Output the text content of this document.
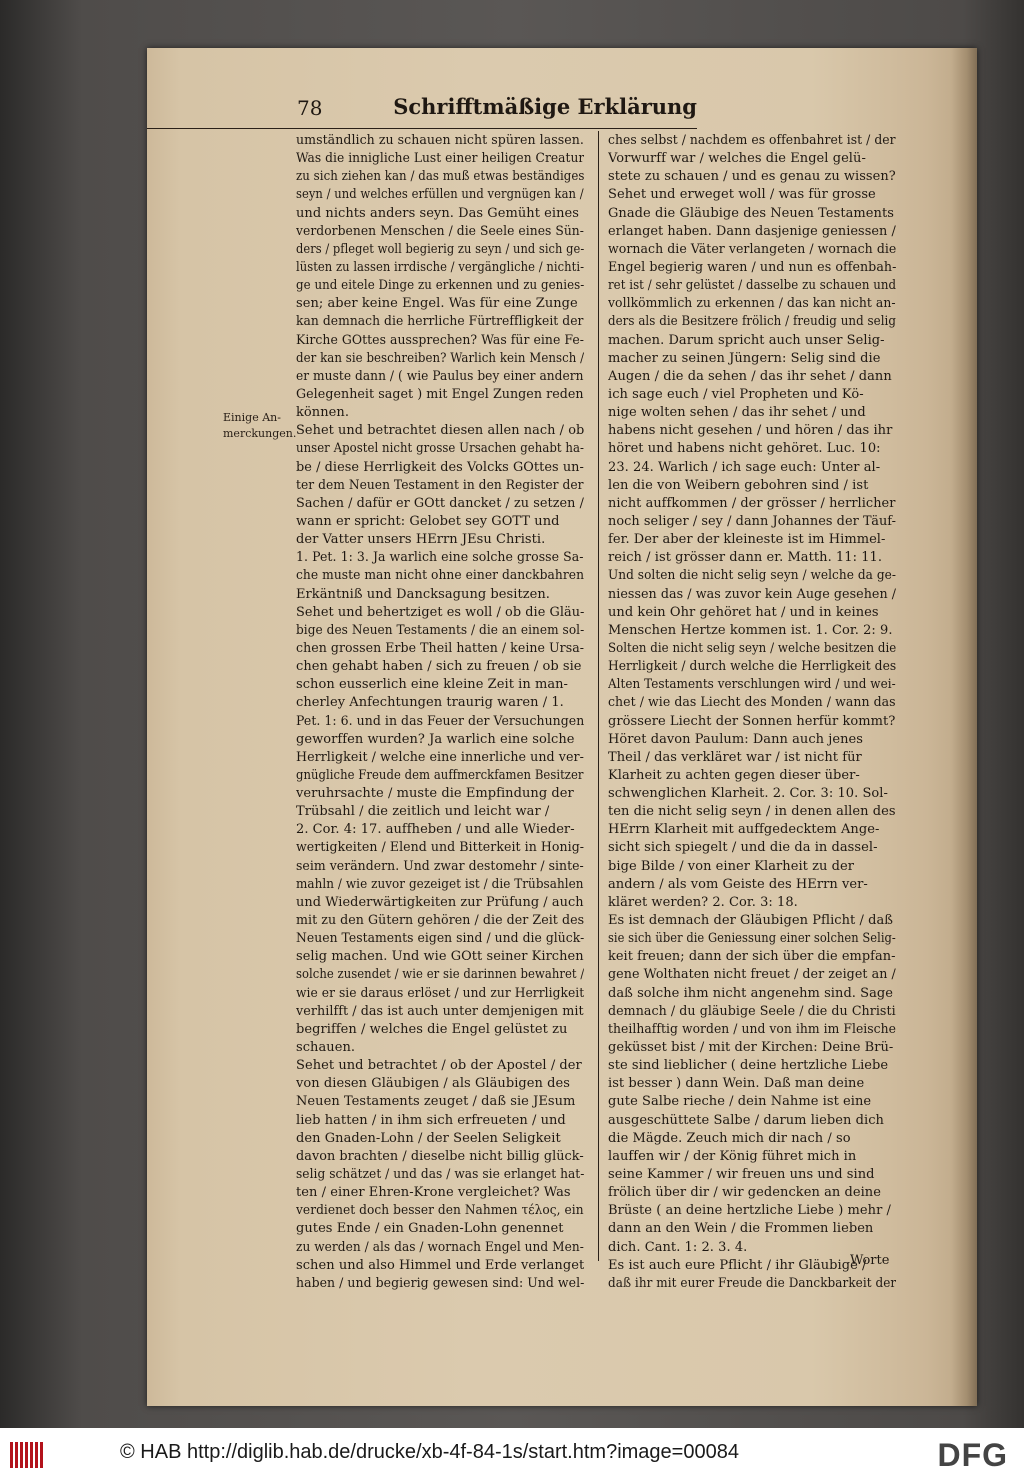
78	Schrifftmäßige Erklärung
Einige An-
merckungen.
umständlich zu schauen nicht spüren lassen.
Was die innigliche Lust einer heiligen Creatur
zu sich ziehen kan / das muß etwas beständiges
seyn / und welches erfüllen und vergnügen kan /
und nichts anders seyn. Das Gemüht eines
verdorbenen Menschen / die Seele eines Sün-
ders / pfleget woll begierig zu seyn / und sich ge-
lüsten zu lassen irrdische / vergängliche / nichti-
ge und eitele Dinge zu erkennen und zu genies-
sen; aber keine Engel. Was für eine Zunge
kan demnach die herrliche Fürtreffligkeit der
Kirche GOttes aussprechen? Was für eine Fe-
der kan sie beschreiben? Warlich kein Mensch /
er muste dann / ( wie Paulus bey einer andern
Gelegenheit saget ) mit Engel Zungen reden
können.
Sehet und betrachtet diesen allen nach / ob
unser Apostel nicht grosse Ursachen gehabt ha-
be / diese Herrligkeit des Volcks GOttes un-
ter dem Neuen Testament in den Register der
Sachen / dafür er GOtt dancket / zu setzen /
wann er spricht: Gelobet sey GOTT und
der Vatter unsers HErrn JEsu Christi.
1. Pet. 1: 3. Ja warlich eine solche grosse Sa-
che muste man nicht ohne einer danckbahren
Erkäntniß und Dancksagung besitzen.
Sehet und behertziget es woll / ob die Gläu-
bige des Neuen Testaments / die an einem sol-
chen grossen Erbe Theil hatten / keine Ursa-
chen gehabt haben / sich zu freuen / ob sie
schon eusserlich eine kleine Zeit in man-
cherley Anfechtungen traurig waren / 1.
Pet. 1: 6. und in das Feuer der Versuchungen
geworffen wurden? Ja warlich eine solche
Herrligkeit / welche eine innerliche und ver-
gnügliche Freude dem auffmerckfamen Besitzer
veruhrsachte / muste die Empfindung der
Trübsahl / die zeitlich und leicht war /
2. Cor. 4: 17. auffheben / und alle Wieder-
wertigkeiten / Elend und Bitterkeit in Honig-
seim verändern. Und zwar destomehr / sinte-
mahln / wie zuvor gezeiget ist / die Trübsahlen
und Wiederwärtigkeiten zur Prüfung / auch
mit zu den Gütern gehören / die der Zeit des
Neuen Testaments eigen sind / und die glück-
selig machen. Und wie GOtt seiner Kirchen
solche zusendet / wie er sie darinnen bewahret /
wie er sie daraus erlöset / und zur Herrligkeit
verhilfft / das ist auch unter demjenigen mit
begriffen / welches die Engel gelüstet zu
schauen.
Sehet und betrachtet / ob der Apostel / der
von diesen Gläubigen / als Gläubigen des
Neuen Testaments zeuget / daß sie JEsum
lieb hatten / in ihm sich erfreueten / und
den Gnaden-Lohn / der Seelen Seligkeit
davon brachten / dieselbe nicht billig glück-
selig schätzet / und das / was sie erlanget hat-
ten / einer Ehren-Krone vergleichet? Was
verdienet doch besser den Nahmen τέλος, ein
gutes Ende / ein Gnaden-Lohn genennet
zu werden / als das / wornach Engel und Men-
schen und also Himmel und Erde verlanget
haben / und begierig gewesen sind: Und wel-
ches selbst / nachdem es offenbahret ist / der
Vorwurff war / welches die Engel gelü-
stete zu schauen / und es genau zu wissen?
Sehet und erweget woll / was für grosse
Gnade die Gläubige des Neuen Testaments
erlanget haben. Dann dasjenige geniessen /
wornach die Väter verlangeten / wornach die
Engel begierig waren / und nun es offenbah-
ret ist / sehr gelüstet / dasselbe zu schauen und
vollkömmlich zu erkennen / das kan nicht an-
ders als die Besitzere frölich / freudig und selig
machen. Darum spricht auch unser Selig-
macher zu seinen Jüngern: Selig sind die
Augen / die da sehen / das ihr sehet / dann
ich sage euch / viel Propheten und Kö-
nige wolten sehen / das ihr sehet / und
habens nicht gesehen / und hören / das ihr
höret und habens nicht gehöret. Luc. 10:
23. 24. Warlich / ich sage euch: Unter al-
len die von Weibern gebohren sind / ist
nicht auffkommen / der grösser / herrlicher
noch seliger / sey / dann Johannes der Täuf-
fer. Der aber der kleineste ist im Himmel-
reich / ist grösser dann er. Matth. 11: 11.
Und solten die nicht selig seyn / welche da ge-
niessen das / was zuvor kein Auge gesehen /
und kein Ohr gehöret hat / und in keines
Menschen Hertze kommen ist. 1. Cor. 2: 9.
Solten die nicht selig seyn / welche besitzen die
Herrligkeit / durch welche die Herrligkeit des
Alten Testaments verschlungen wird / und wei-
chet / wie das Liecht des Monden / wann das
grössere Liecht der Sonnen herfür kommt?
Höret davon Paulum: Dann auch jenes
Theil / das verkläret war / ist nicht für
Klarheit zu achten gegen dieser über-
schwenglichen Klarheit. 2. Cor. 3: 10. Sol-
ten die nicht selig seyn / in denen allen des
HErrn Klarheit mit auffgedecktem Ange-
sicht sich spiegelt / und die da in dassel-
bige Bilde / von einer Klarheit zu der
andern / als vom Geiste des HErrn ver-
kläret werden? 2. Cor. 3: 18.
Es ist demnach der Gläubigen Pflicht / daß
sie sich über die Geniessung einer solchen Selig-
keit freuen; dann der sich über die empfan-
gene Wolthaten nicht freuet / der zeiget an /
daß solche ihm nicht angenehm sind. Sage
demnach / du gläubige Seele / die du Christi
theilhafftig worden / und von ihm im Fleische
geküsset bist / mit der Kirchen: Deine Brü-
ste sind lieblicher ( deine hertzliche Liebe
ist besser ) dann Wein. Daß man deine
gute Salbe rieche / dein Nahme ist eine
ausgeschüttete Salbe / darum lieben dich
die Mägde. Zeuch mich dir nach / so
lauffen wir / der König führet mich in
seine Kammer / wir freuen uns und sind
frölich über dir / wir gedencken an deine
Brüste ( an deine hertzliche Liebe ) mehr /
dann an den Wein / die Frommen lieben
dich. Cant. 1: 2. 3. 4.
Es ist auch eure Pflicht / ihr Gläubige /
daß ihr mit eurer Freude die Danckbarkeit der
Worte
© HAB http://diglib.hab.de/drucke/xb-4f-84-1s/start.htm?image=00084	DFG
